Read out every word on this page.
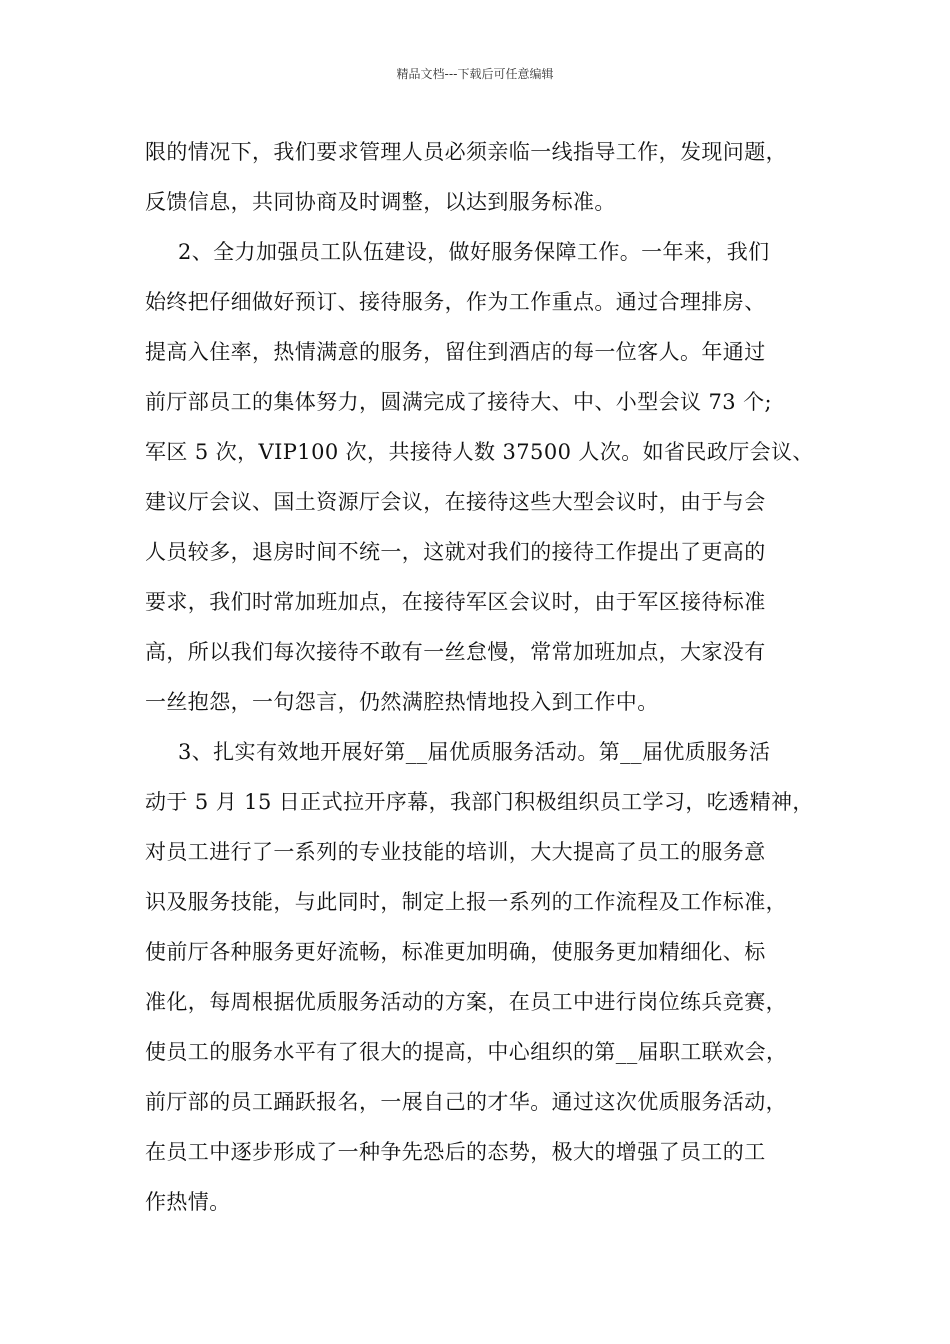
精品文档---下载后可任意编辑
限的情况下，我们要求管理人员必须亲临一线指导工作，发现问题，
反馈信息，共同协商及时调整，以达到服务标准。
2、全力加强员工队伍建设，做好服务保障工作。一年来，我们
始终把仔细做好预订、接待服务，作为工作重点。通过合理排房、
提高入住率，热情满意的服务，留住到酒店的每一位客人。年通过
前厅部员工的集体努力，圆满完成了接待大、中、小型会议 73 个;
军区 5 次，VIP100 次，共接待人数 37500 人次。如省民政厅会议、
建议厅会议、国土资源厅会议，在接待这些大型会议时，由于与会
人员较多，退房时间不统一，这就对我们的接待工作提出了更高的
要求，我们时常加班加点，在接待军区会议时，由于军区接待标准
高，所以我们每次接待不敢有一丝怠慢，常常加班加点，大家没有
一丝抱怨，一句怨言，仍然满腔热情地投入到工作中。
3、扎实有效地开展好第__届优质服务活动。第__届优质服务活
动于 5 月 15 日正式拉开序幕，我部门积极组织员工学习，吃透精神，
对员工进行了一系列的专业技能的培训，大大提高了员工的服务意
识及服务技能，与此同时，制定上报一系列的工作流程及工作标准，
使前厅各种服务更好流畅，标准更加明确，使服务更加精细化、标
准化，每周根据优质服务活动的方案，在员工中进行岗位练兵竞赛，
使员工的服务水平有了很大的提高，中心组织的第__届职工联欢会，
前厅部的员工踊跃报名，一展自己的才华。通过这次优质服务活动，
在员工中逐步形成了一种争先恐后的态势，极大的增强了员工的工
作热情。
